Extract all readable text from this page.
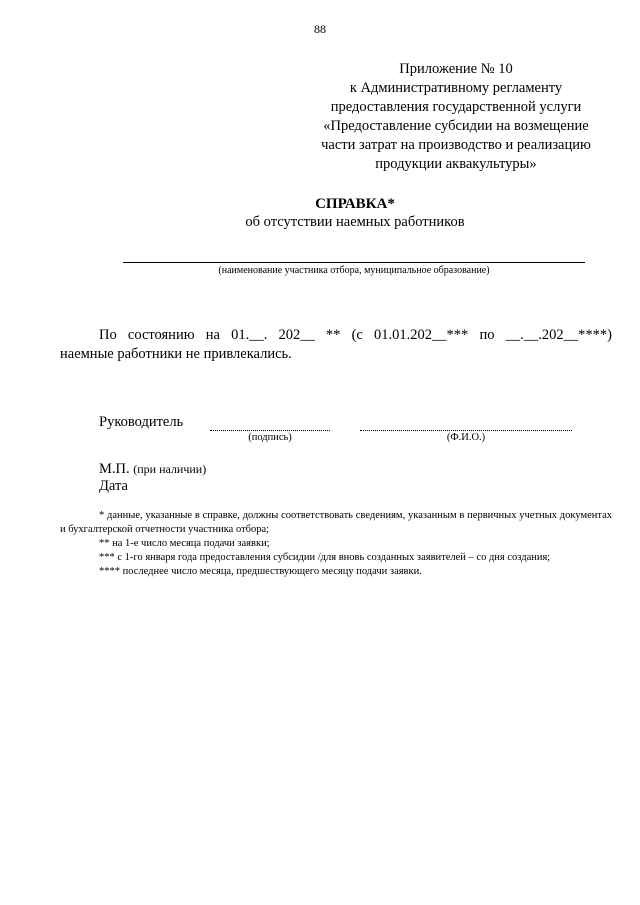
88
Приложение № 10
к Административному регламенту
предоставления государственной услуги
«Предоставление субсидии на возмещение
части затрат на производство и реализацию
продукции аквакультуры»
СПРАВКА*
об отсутствии наемных работников
(наименование участника отбора, муниципальное образование)
По состоянию на 01.__. 202__ ** (с 01.01.202__*** по __.__.202__****)
наемные работники не привлекались.
Руководитель
(подпись)	(Ф.И.О.)
М.П. (при наличии)
Дата
* данные, указанные в справке, должны соответствовать сведениям, указанным в первичных учетных документах и бухгалтерской отчетности участника отбора;
** на 1-е число месяца подачи заявки;
*** с 1-го января года предоставления субсидии /для вновь созданных заявителей – со дня создания;
**** последнее число месяца, предшествующего месяцу подачи заявки.
